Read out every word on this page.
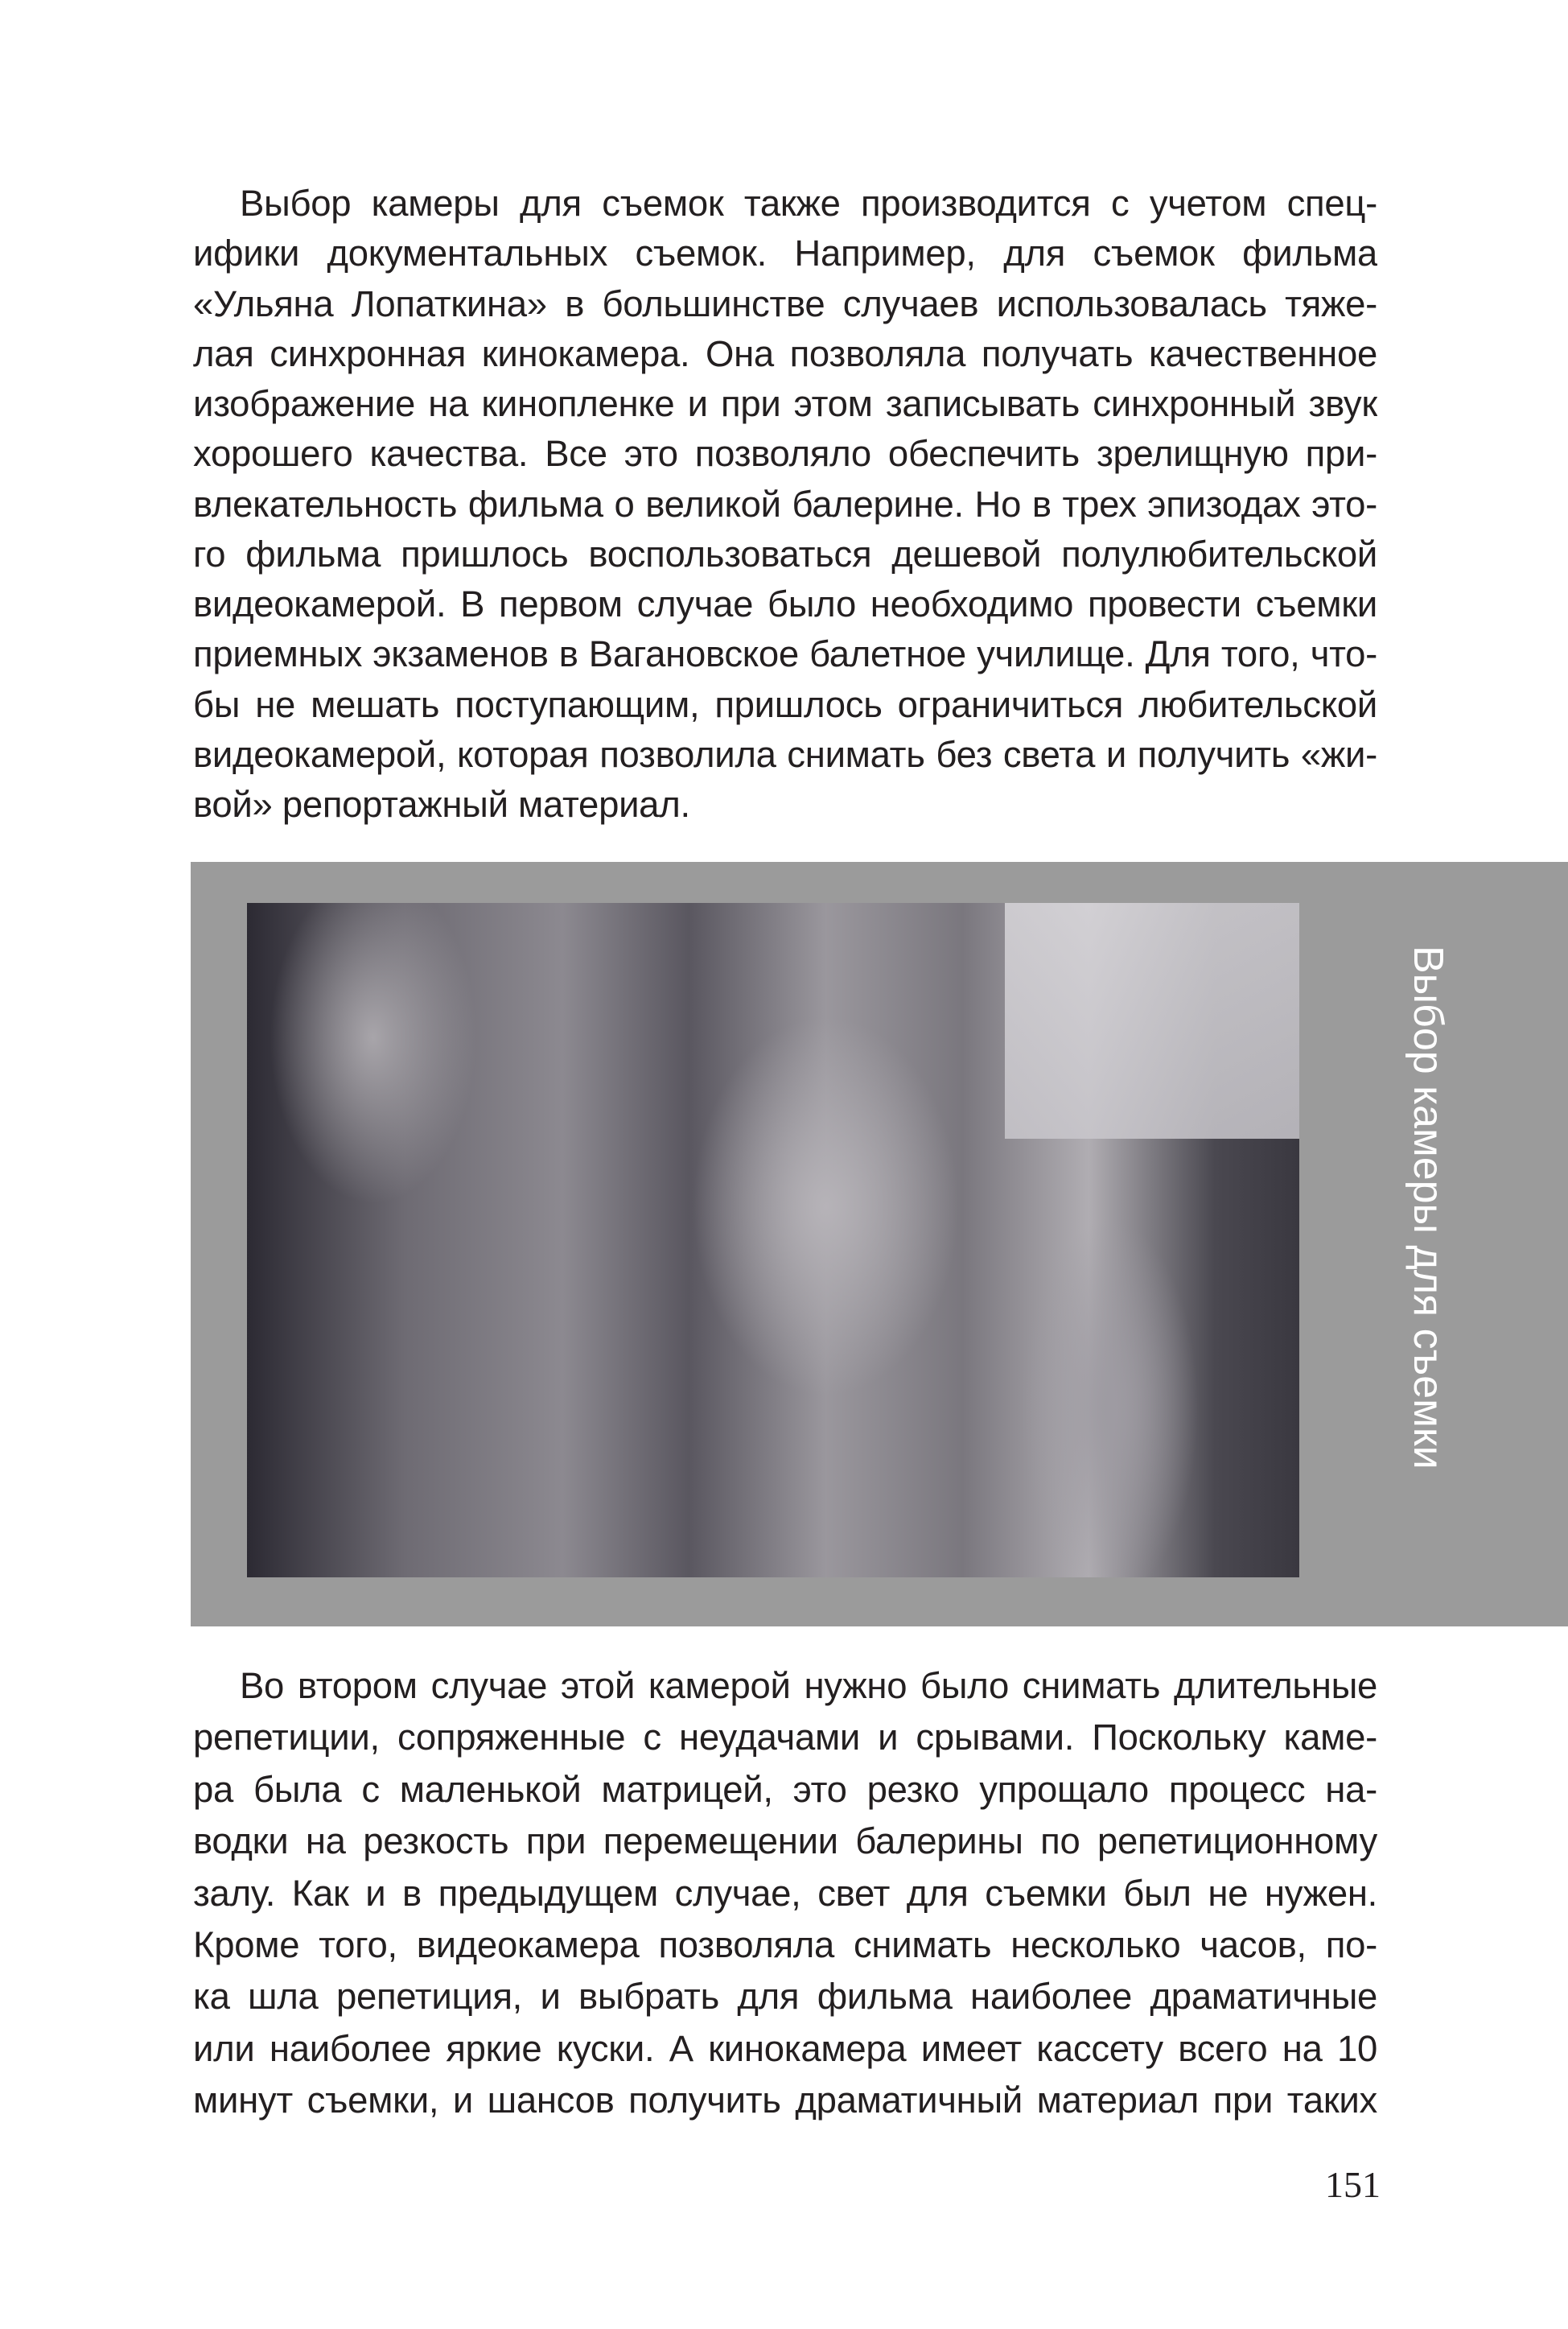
Выбор камеры для съемок также производится с учетом спец-​
ифики документальных съемок. Например, для съемок фильма​
«Ульяна Лопаткина» в большинстве случаев использовалась тяже-​
лая синхронная кинокамера. Она позволяла получать качественное​
изображение на кинопленке и при этом записывать синхронный звук​
хорошего качества. Все это позволяло обеспечить зрелищную при-​
влекательность фильма о великой балерине. Но в трех эпизодах это-​
го фильма пришлось воспользоваться дешевой полулюбительской​
видеокамерой. В первом случае было необходимо провести съемки​
приемных экзаменов в Вагановское балетное училище. Для того, что-​
бы не мешать поступающим, пришлось ограничиться любительской​
видеокамерой, которая позволила снимать без света и получить «жи-​
вой» репортажный материал.
Выбор камеры для съемки
Во втором случае этой камерой нужно было снимать длительные​
репетиции, сопряженные с неудачами и срывами. Поскольку каме-​
ра была с маленькой матрицей, это резко упрощало процесс на-​
водки на резкость при перемещении балерины по репетиционному​
залу. Как и в предыдущем случае, свет для съемки был не нужен.​
Кроме того, видеокамера позволяла снимать несколько часов, по-​
ка шла репетиция, и выбрать для фильма наиболее драматичные​
или наиболее яркие куски. А кинокамера имеет кассету всего на 10​
минут съемки, и шансов получить драматичный материал при таких​
151
